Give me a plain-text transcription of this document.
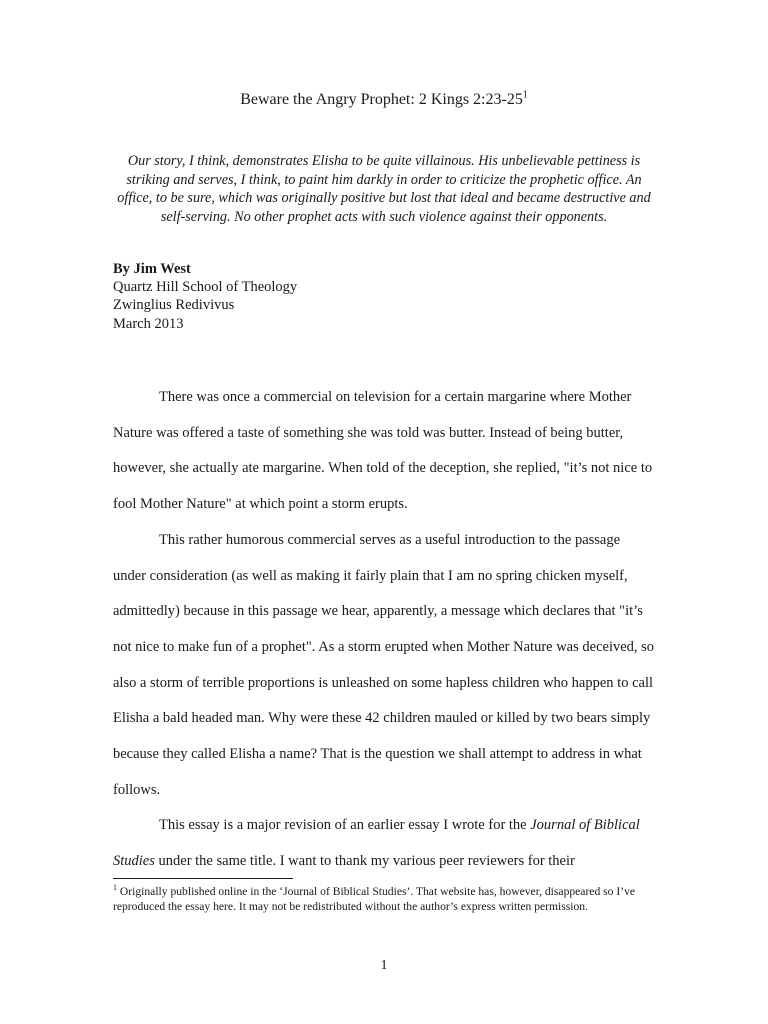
Beware the Angry Prophet: 2 Kings $2:23-25^1$
Our story, I think, demonstrates Elisha to be quite villainous. His unbelievable pettiness is striking and serves, I think, to paint him darkly in order to criticize the prophetic office. An office, to be sure, which was originally positive but lost that ideal and became destructive and self-serving. No other prophet acts with such violence against their opponents.
By Jim West
Quartz Hill School of Theology
Zwinglius Redivivus
March 2013

There was once a commercial on television for a certain margarine where Mother Nature was offered a taste of something she was told was butter. Instead of being butter, however, she actually ate margarine. When told of the deception, she replied, "it’s not nice to fool Mother Nature" at which point a storm erupts.

This rather humorous commercial serves as a useful introduction to the passage under consideration (as well as making it fairly plain that I am no spring chicken myself, admittedly) because in this passage we hear, apparently, a message which declares that "it’s not nice to make fun of a prophet". As a storm erupted when Mother Nature was deceived, so also a storm of terrible proportions is unleashed on some hapless children who happen to call Elisha a bald headed man. Why were these 42 children mauled or killed by two bears simply because they called Elisha a name? That is the question we shall attempt to address in what follows.

This essay is a major revision of an earlier essay I wrote for the Journal of Biblical Studies under the same title. I want to thank my various peer reviewers for their

$^1$ Originally published online in the ‘Journal of Biblical Studies’. That website has, however, disappeared so I’ve reproduced the essay here. It may not be redistributed without the author’s express written permission.
1
